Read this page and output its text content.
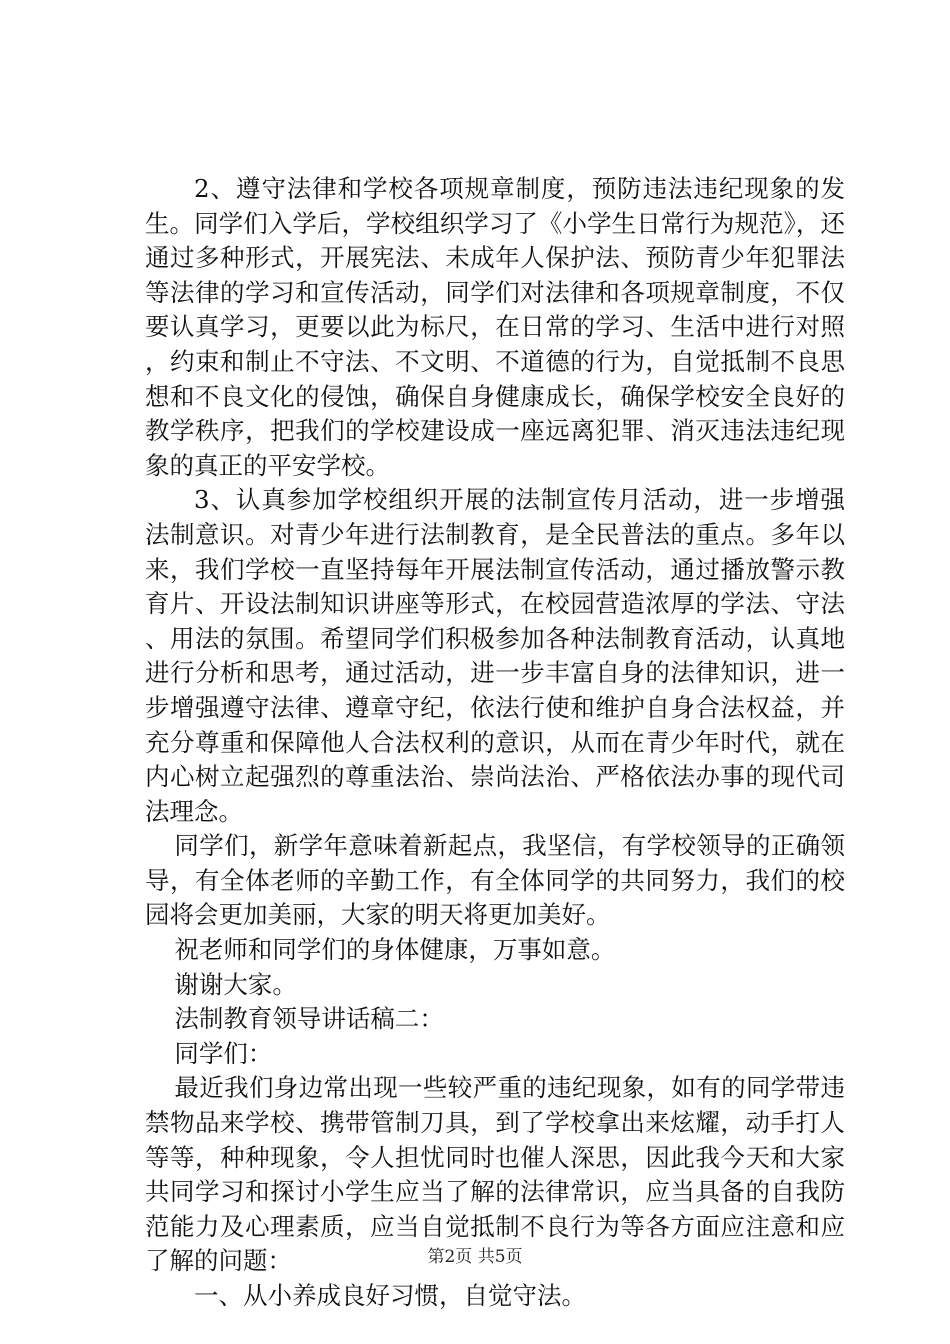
2、遵守法律和学校各项规章制度，预防违法违纪现象的发生。同学们入学后，学校组织学习了《小学生日常行为规范》，还通过多种形式，开展宪法、未成年人保护法、预防青少年犯罪法等法律的学习和宣传活动，同学们对法律和各项规章制度，不仅要认真学习，更要以此为标尺，在日常的学习、生活中进行对照，约束和制止不守法、不文明、不道德的行为，自觉抵制不良思想和不良文化的侵蚀，确保自身健康成长，确保学校安全良好的教学秩序，把我们的学校建设成一座远离犯罪、消灭违法违纪现象的真正的平安学校。

3、认真参加学校组织开展的法制宣传月活动，进一步增强法制意识。对青少年进行法制教育，是全民普法的重点。多年以来，我们学校一直坚持每年开展法制宣传活动，通过播放警示教育片、开设法制知识讲座等形式，在校园营造浓厚的学法、守法、用法的氛围。希望同学们积极参加各种法制教育活动，认真地进行分析和思考，通过活动，进一步丰富自身的法律知识，进一步增强遵守法律、遵章守纪，依法行使和维护自身合法权益，并充分尊重和保障他人合法权利的意识，从而在青少年时代，就在内心树立起强烈的尊重法治、崇尚法治、严格依法办事的现代司法理念。

同学们，新学年意味着新起点，我坚信，有学校领导的正确领导，有全体老师的辛勤工作，有全体同学的共同努力，我们的校园将会更加美丽，大家的明天将更加美好。

祝老师和同学们的身体健康，万事如意。

谢谢大家。

法制教育领导讲话稿二：

同学们：

最近我们身边常出现一些较严重的违纪现象，如有的同学带违禁物品来学校、携带管制刀具，到了学校拿出来炫耀，动手打人等等，种种现象，令人担忧同时也催人深思，因此我今天和大家共同学习和探讨小学生应当了解的法律常识，应当具备的自我防范能力及心理素质，应当自觉抵制不良行为等各方面应注意和应了解的问题：

一、从小养成良好习惯，自觉守法。

第2页 共5页
